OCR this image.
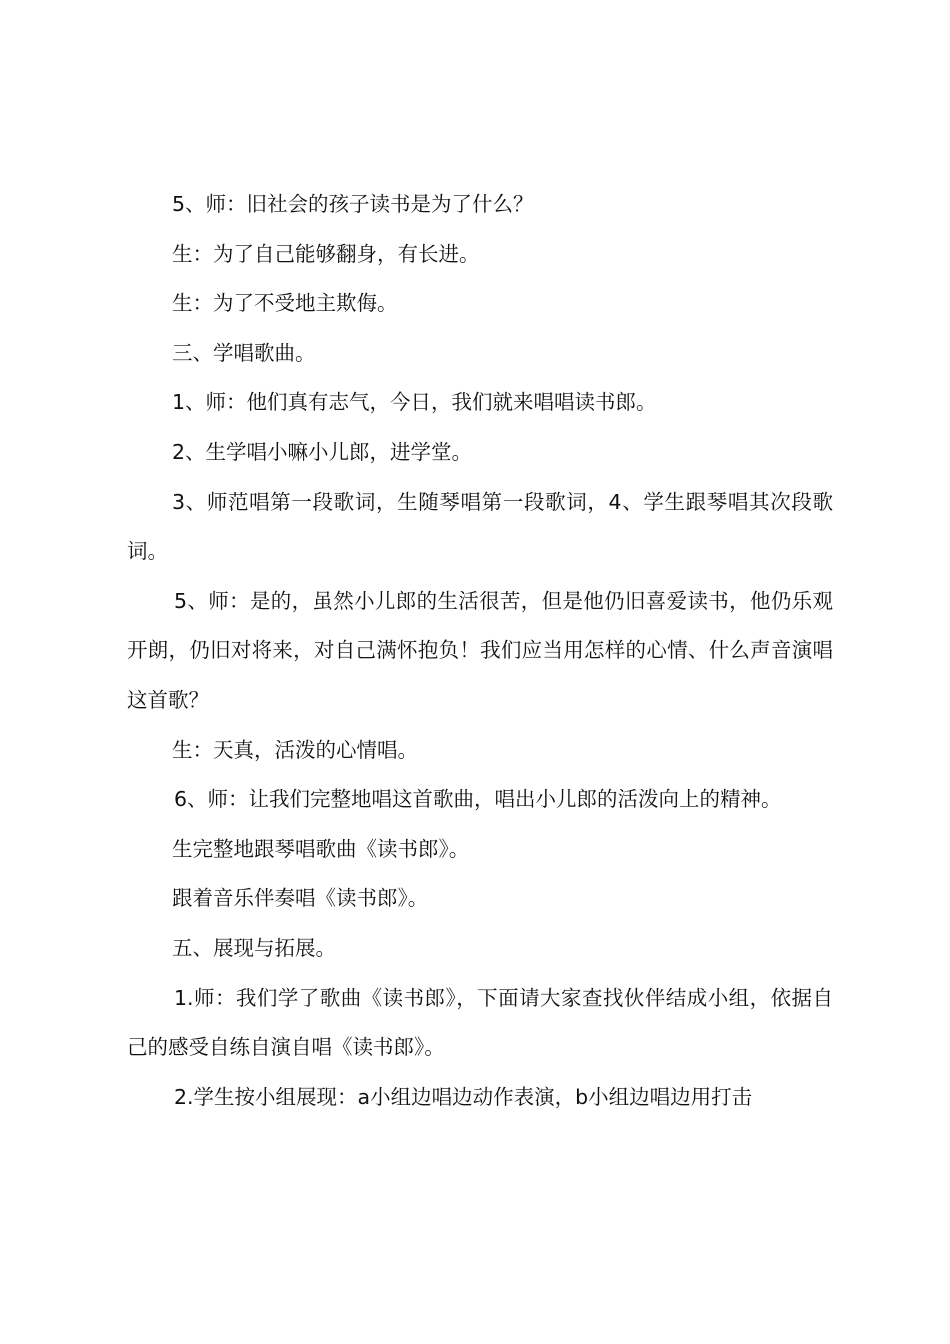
5、师：旧社会的孩子读书是为了什么？

生：为了自己能够翻身，有长进。

生：为了不受地主欺侮。

三、学唱歌曲。

1、师：他们真有志气，今日，我们就来唱唱读书郎。

2、生学唱小嘛小儿郎，进学堂。

3、师范唱第一段歌词，生随琴唱第一段歌词，4、学生跟琴唱其次段歌词。

5、师：是的，虽然小儿郎的生活很苦，但是他仍旧喜爱读书，他仍乐观开朗，仍旧对将来，对自己满怀抱负！我们应当用怎样的心情、什么声音演唱这首歌？

生：天真，活泼的心情唱。

6、师：让我们完整地唱这首歌曲，唱出小儿郎的活泼向上的精神。

生完整地跟琴唱歌曲《读书郎》。

跟着音乐伴奏唱《读书郎》。

五、展现与拓展。

1.师：我们学了歌曲《读书郎》，下面请大家查找伙伴结成小组，依据自己的感受自练自演自唱《读书郎》。

2.学生按小组展现：a小组边唱边动作表演，b小组边唱边用打击
